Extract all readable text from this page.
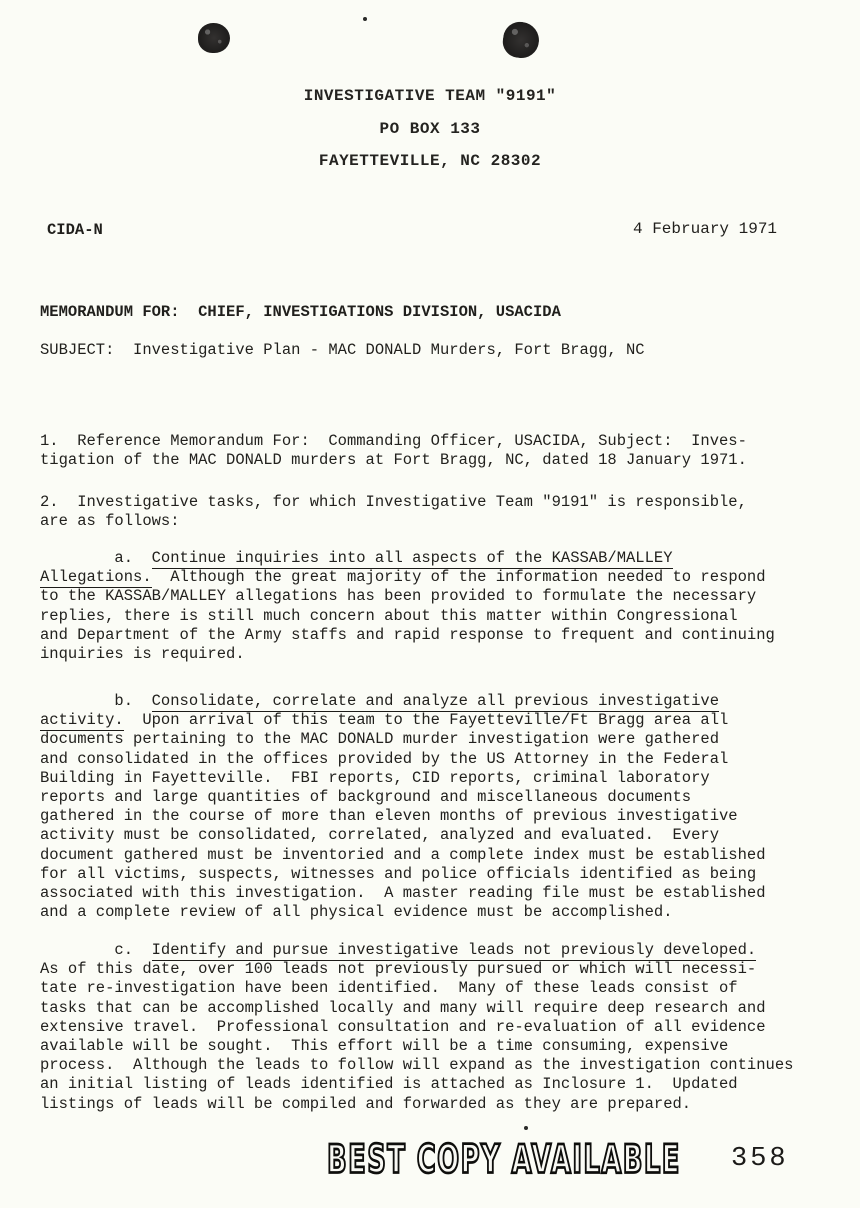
INVESTIGATIVE TEAM "9191"
PO BOX 133
FAYETTEVILLE, NC 28302
CIDA-N	4 February 1971
MEMORANDUM FOR:  CHIEF, INVESTIGATIONS DIVISION, USACIDA
SUBJECT:  Investigative Plan - MAC DONALD Murders, Fort Bragg, NC
1.  Reference Memorandum For:  Commanding Officer, USACIDA, Subject:  Inves-
tigation of the MAC DONALD murders at Fort Bragg, NC, dated 18 January 1971.
2.  Investigative tasks, for which Investigative Team "9191" is responsible,
are as follows:
a.  Continue inquiries into all aspects of the KASSAB/MALLEY
Allegations.  Although the great majority of the information needed to respond
to the KASSAB/MALLEY allegations has been provided to formulate the necessary
replies, there is still much concern about this matter within Congressional
and Department of the Army staffs and rapid response to frequent and continuing
inquiries is required.
b.  Consolidate, correlate and analyze all previous investigative
activity.  Upon arrival of this team to the Fayetteville/Ft Bragg area all
documents pertaining to the MAC DONALD murder investigation were gathered
and consolidated in the offices provided by the US Attorney in the Federal
Building in Fayetteville.  FBI reports, CID reports, criminal laboratory
reports and large quantities of background and miscellaneous documents
gathered in the course of more than eleven months of previous investigative
activity must be consolidated, correlated, analyzed and evaluated.  Every
document gathered must be inventoried and a complete index must be established
for all victims, suspects, witnesses and police officials identified as being
associated with this investigation.  A master reading file must be established
and a complete review of all physical evidence must be accomplished.
c.  Identify and pursue investigative leads not previously developed.
As of this date, over 100 leads not previously pursued or which will necessi-
tate re-investigation have been identified.  Many of these leads consist of
tasks that can be accomplished locally and many will require deep research and
extensive travel.  Professional consultation and re-evaluation of all evidence
available will be sought.  This effort will be a time consuming, expensive
process.  Although the leads to follow will expand as the investigation continues
an initial listing of leads identified is attached as Inclosure 1.  Updated
listings of leads will be compiled and forwarded as they are prepared.
BEST COPY AVAILABLE 358
